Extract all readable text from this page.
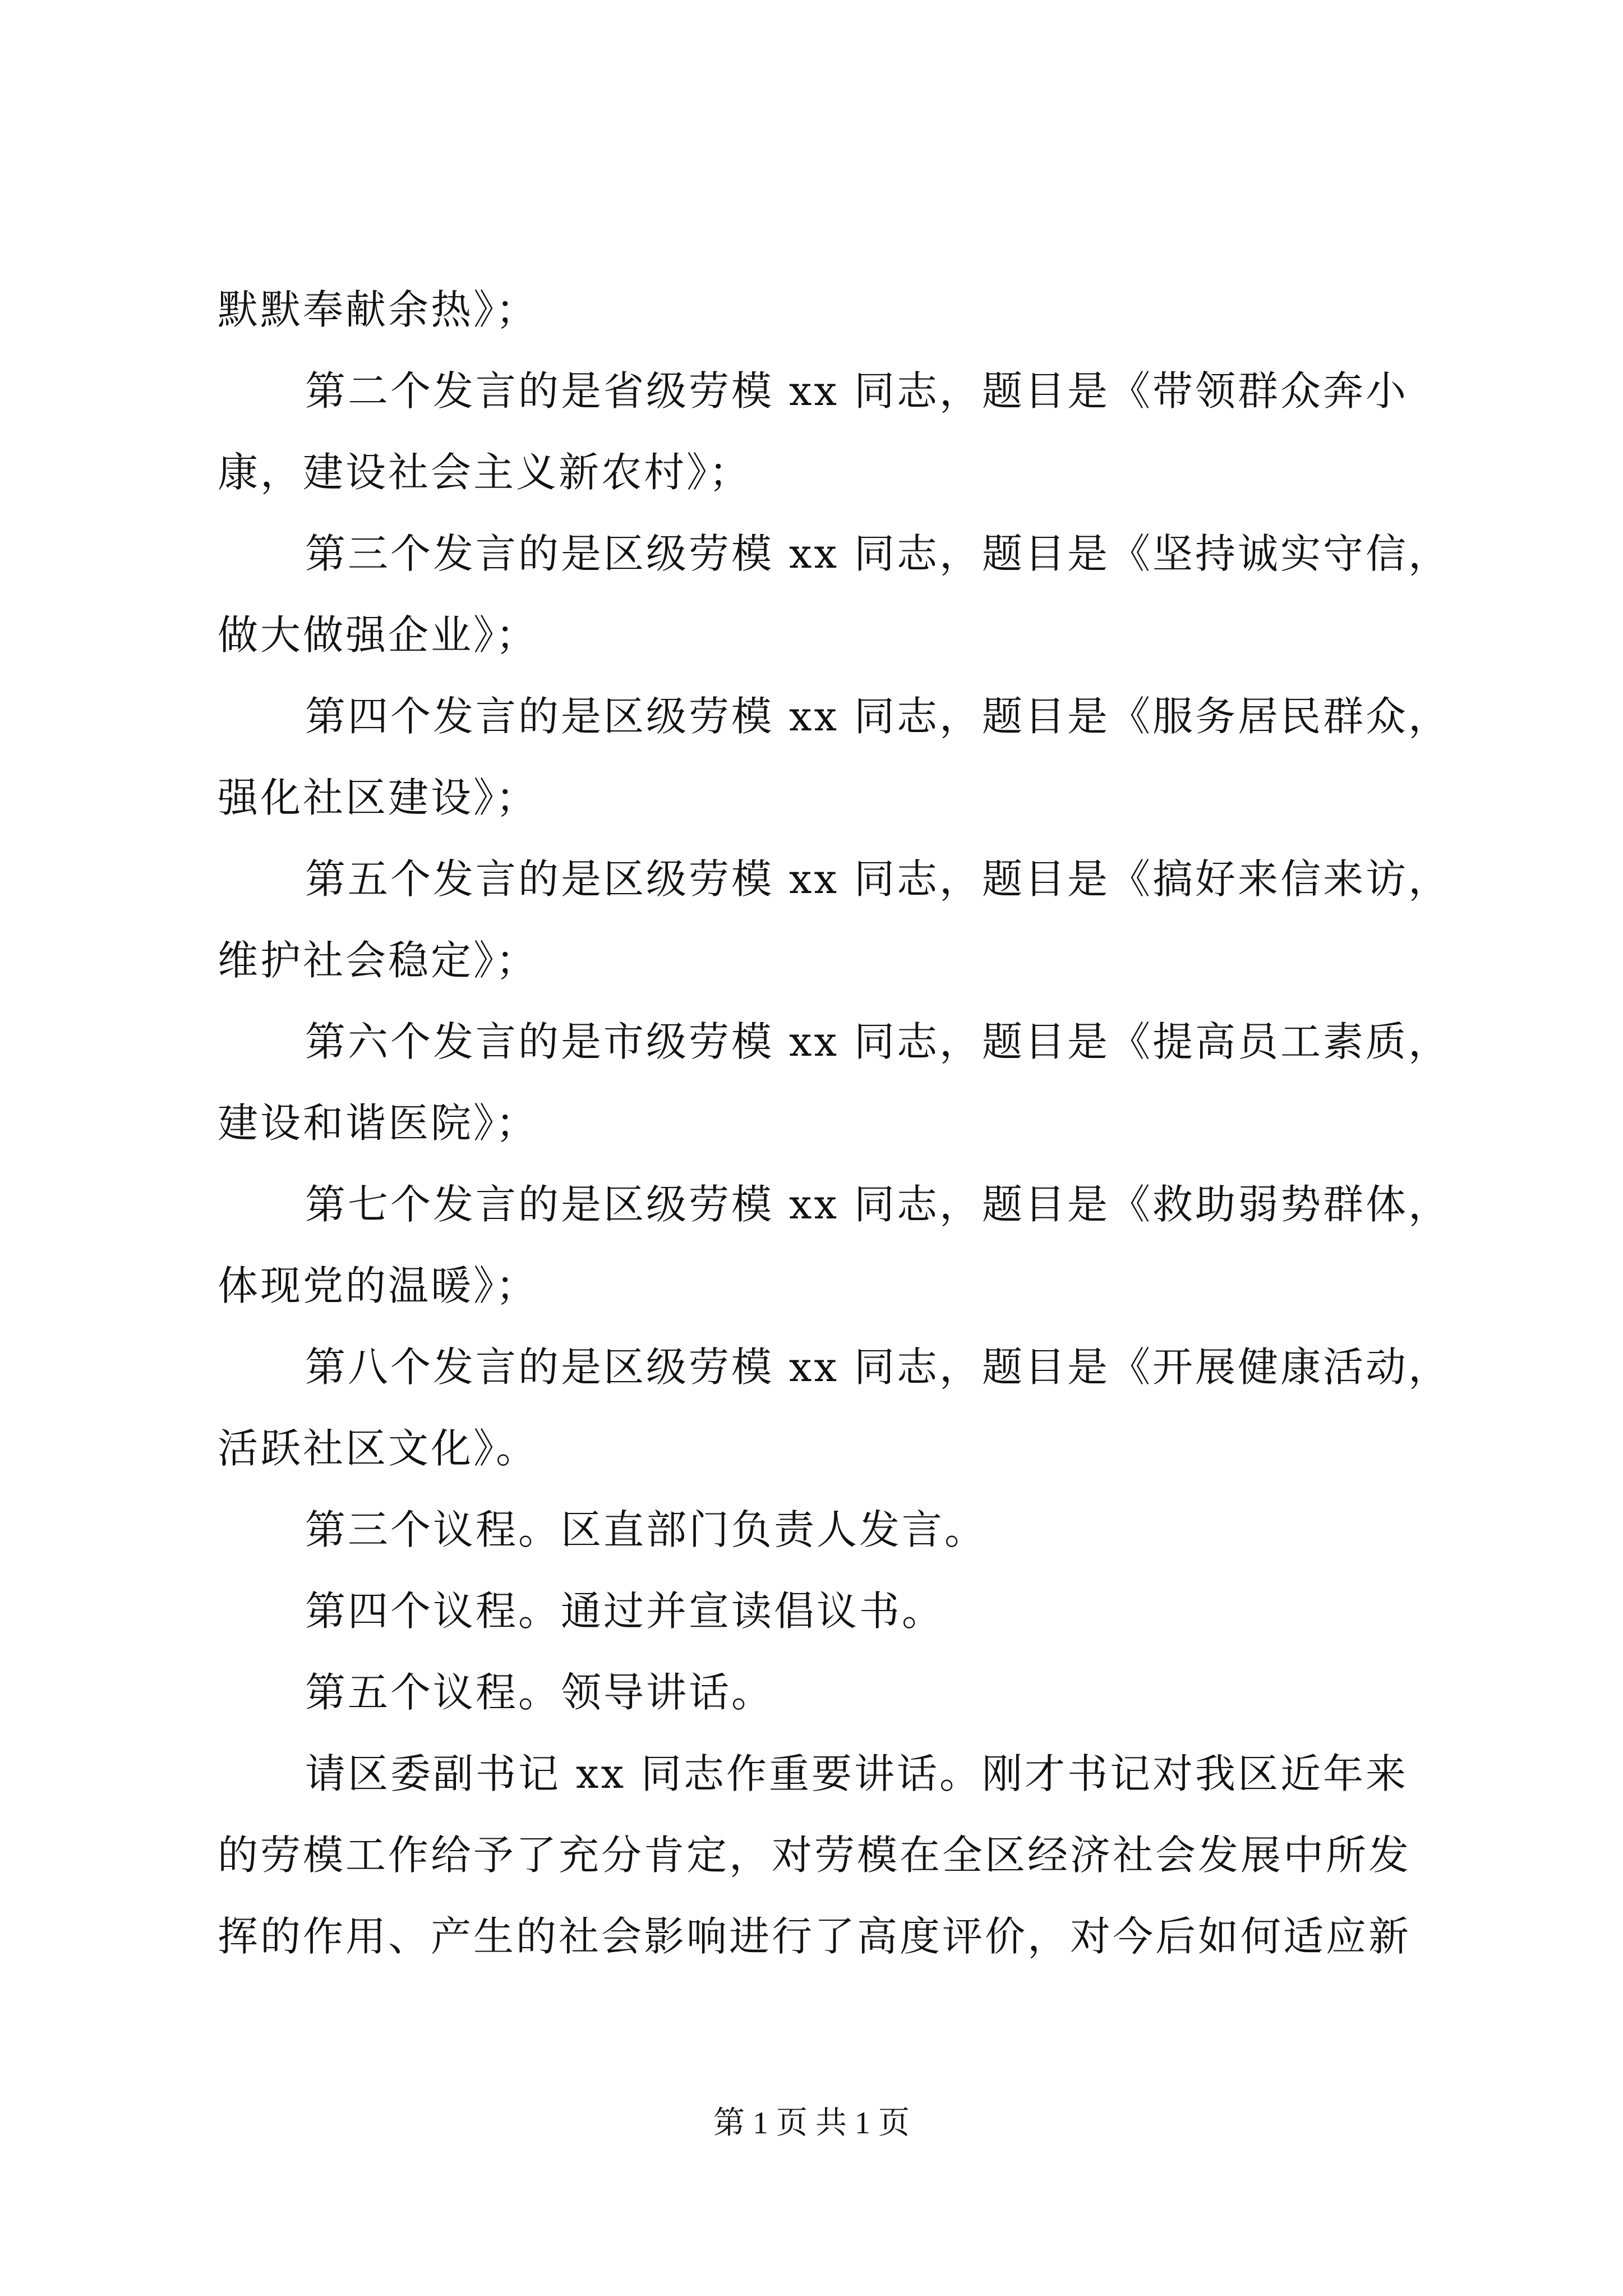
默默奉献余热》；
第二个发言的是省级劳模 xx 同志，题目是《带领群众奔小
康，建设社会主义新农村》；
第三个发言的是区级劳模 xx 同志，题目是《坚持诚实守信，
做大做强企业》；
第四个发言的是区级劳模 xx 同志，题目是《服务居民群众，
强化社区建设》；
第五个发言的是区级劳模 xx 同志，题目是《搞好来信来访，
维护社会稳定》；
第六个发言的是市级劳模 xx 同志，题目是《提高员工素质，
建设和谐医院》；
第七个发言的是区级劳模 xx 同志，题目是《救助弱势群体，
体现党的温暖》；
第八个发言的是区级劳模 xx 同志，题目是《开展健康活动，
活跃社区文化》。
第三个议程。区直部门负责人发言。
第四个议程。通过并宣读倡议书。
第五个议程。领导讲话。
请区委副书记 xx 同志作重要讲话。刚才书记对我区近年来
的劳模工作给予了充分肯定，对劳模在全区经济社会发展中所发
挥的作用、产生的社会影响进行了高度评价，对今后如何适应新
第 1 页 共 1 页
